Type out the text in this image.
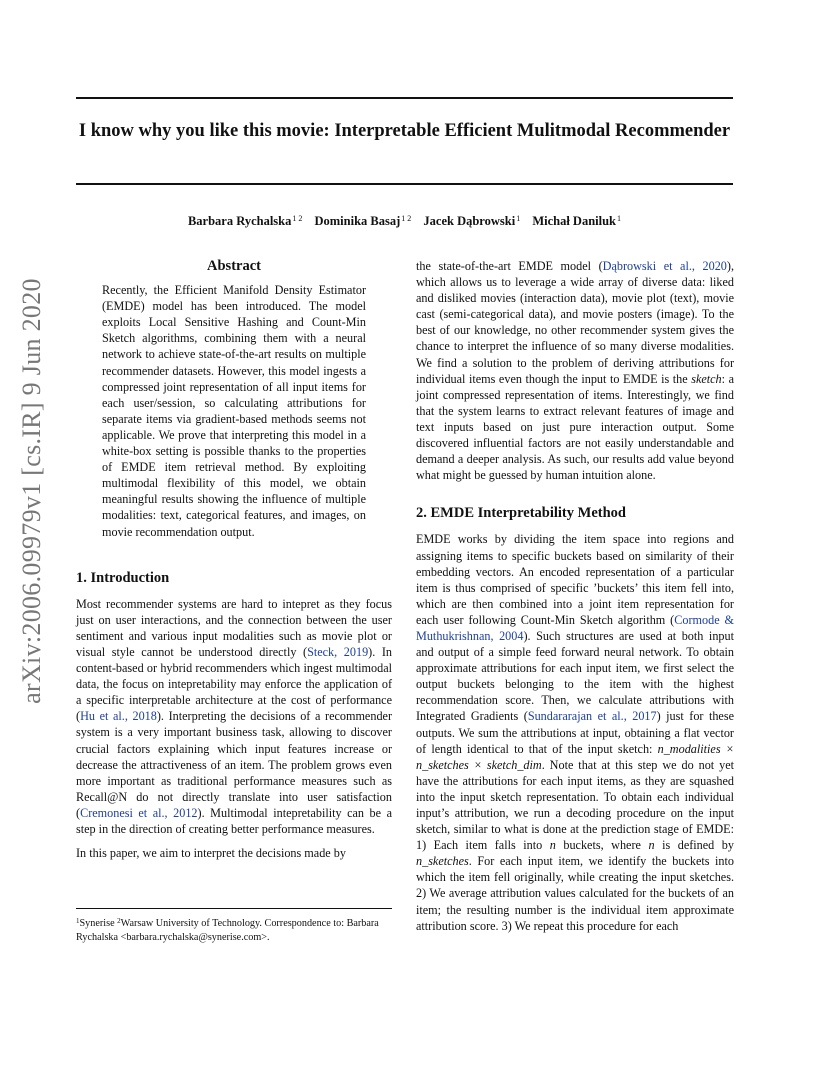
I know why you like this movie: Interpretable Efficient Mulitmodal Recommender
Barbara Rychalska$^{1 2}$ Dominika Basaj$^{1 2}$ Jacek Dąbrowski$^1$ Michał Daniluk$^1$
arXiv:2006.09979v1 [cs.IR] 9 Jun 2020
Abstract

Recently, the Efficient Manifold Density Estimator (EMDE) model has been introduced. The model exploits Local Sensitive Hashing and Count-Min Sketch algorithms, combining them with a neural network to achieve state-of-the-art results on multiple recommender datasets. However, this model ingests a compressed joint representation of all input items for each user/session, so calculating attributions for separate items via gradient-based methods seems not applicable. We prove that interpreting this model in a white-box setting is possible thanks to the properties of EMDE item retrieval method. By exploiting multimodal flexibility of this model, we obtain meaningful results showing the influence of multiple modalities: text, categorical features, and images, on movie recommendation output.

1. Introduction

Most recommender systems are hard to intepret as they focus just on user interactions, and the connection between the user sentiment and various input modalities such as movie plot or visual style cannot be understood directly (Steck, 2019). In content-based or hybrid recommenders which ingest multimodal data, the focus on intepretability may enforce the application of a specific interpretable architecture at the cost of performance (Hu et al., 2018). Interpreting the decisions of a recommender system is a very important business task, allowing to discover crucial factors explaining which input features increase or decrease the attractiveness of an item. The problem grows even more important as traditional performance measures such as Recall@N do not directly translate into user satisfaction (Cremonesi et al., 2012). Multimodal intepretability can be a step in the direction of creating better performance measures.

In this paper, we aim to interpret the decisions made by

$^1$Synerise $^2$Warsaw University of Technology. Correspondence to: Barbara Rychalska <barbara.rychalska@synerise.com>.

the state-of-the-art EMDE model (Dąbrowski et al., 2020), which allows us to leverage a wide array of diverse data: liked and disliked movies (interaction data), movie plot (text), movie cast (semi-categorical data), and movie posters (image). To the best of our knowledge, no other recommender system gives the chance to interpret the influence of so many diverse modalities. We find a solution to the problem of deriving attributions for individual items even though the input to EMDE is the sketch: a joint compressed representation of items. Interestingly, we find that the system learns to extract relevant features of image and text inputs based on just pure interaction output. Some discovered influential factors are not easily understandable and demand a deeper analysis. As such, our results add value beyond what might be guessed by human intuition alone.

2. EMDE Interpretability Method

EMDE works by dividing the item space into regions and assigning items to specific buckets based on similarity of their embedding vectors. An encoded representation of a particular item is thus comprised of specific ’buckets’ this item fell into, which are then combined into a joint item representation for each user following Count-Min Sketch algorithm (Cormode & Muthukrishnan, 2004). Such structures are used at both input and output of a simple feed forward neural network. To obtain approximate attributions for each input item, we first select the output buckets belonging to the item with the highest recommendation score. Then, we calculate attributions with Integrated Gradients (Sundararajan et al., 2017) just for these outputs. We sum the attributions at input, obtaining a flat vector of length identical to that of the input sketch: n_modalities × n_sketches × sketch_dim. Note that at this step we do not yet have the attributions for each input items, as they are squashed into the input sketch representation. To obtain each individual input’s attribution, we run a decoding procedure on the input sketch, similar to what is done at the prediction stage of EMDE: 1) Each item falls into n buckets, where n is defined by n_sketches. For each input item, we identify the buckets into which the item fell originally, while creating the input sketches. 2) We average attribution values calculated for the buckets of an item; the resulting number is the individual item approximate attribution score. 3) We repeat this procedure for each
